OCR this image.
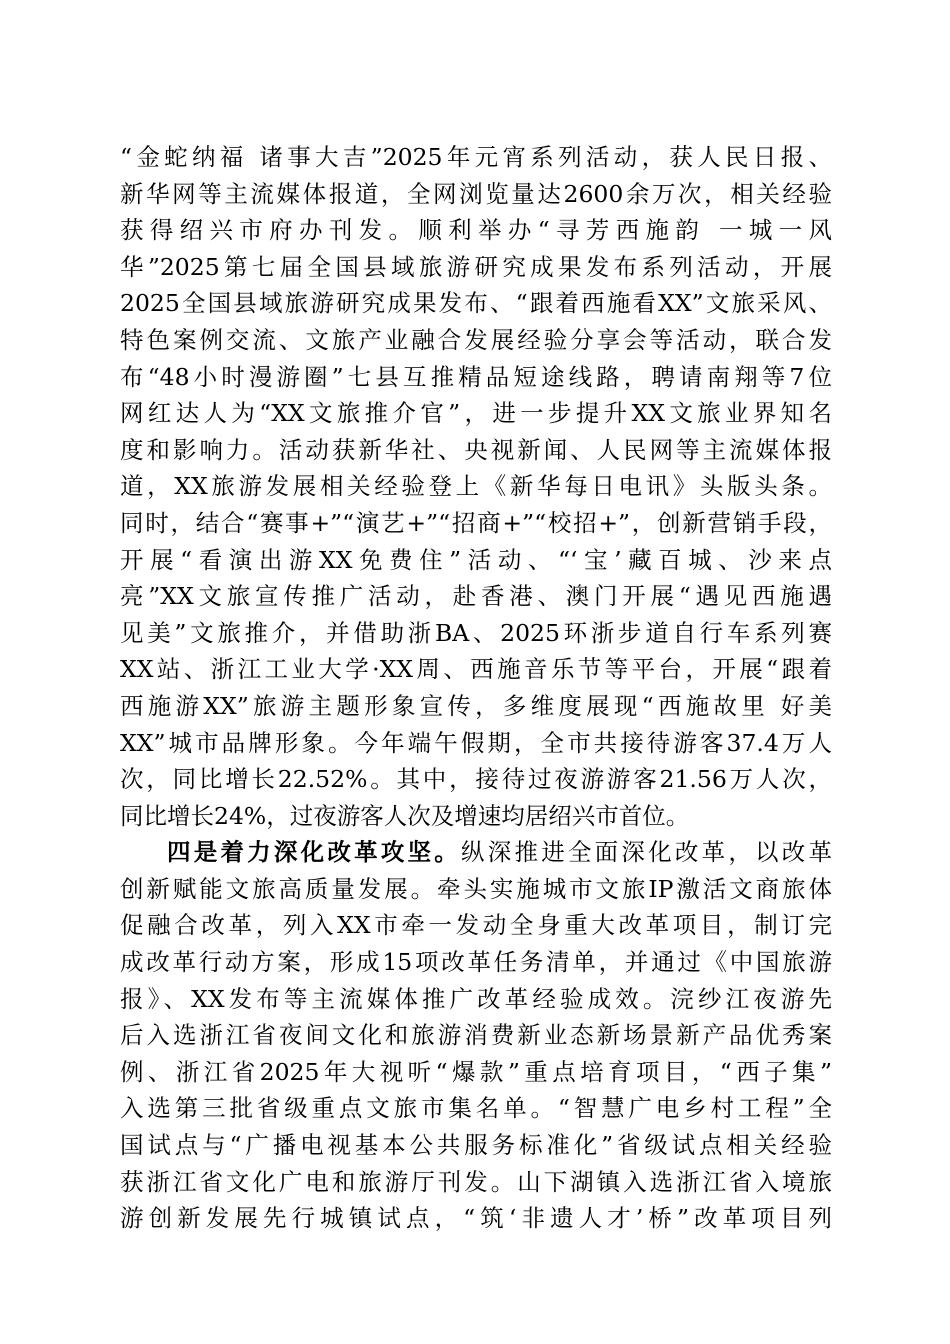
“金蛇纳福 诸事大吉”2025年元宵系列活动，获人民日报、
新华网等主流媒体报道，全网浏览量达2600余万次，相关经验
获得绍兴市府办刊发。顺利举办“寻芳西施韵 一城一风
华”2025第七届全国县域旅游研究成果发布系列活动，开展
2025全国县域旅游研究成果发布、“跟着西施看XX”文旅采风、
特色案例交流、文旅产业融合发展经验分享会等活动，联合发
布“48小时漫游圈”七县互推精品短途线路，聘请南翔等7位
网红达人为“XX文旅推介官”，进一步提升XX文旅业界知名
度和影响力。活动获新华社、央视新闻、人民网等主流媒体报
道，XX旅游发展相关经验登上《新华每日电讯》头版头条。
同时，结合“赛事+”“演艺+”“招商+”“校招+”，创新营销手段，
开展“看演出游XX免费住”活动、“‘宝’藏百城、沙来点
亮”XX文旅宣传推广活动，赴香港、澳门开展“遇见西施遇
见美”文旅推介，并借助浙BA、2025环浙步道自行车系列赛
XX站、浙江工业大学·XX周、西施音乐节等平台，开展“跟着
西施游XX”旅游主题形象宣传，多维度展现“西施故里 好美
XX”城市品牌形象。今年端午假期，全市共接待游客37.4万人
次，同比增长22.52%。其中，接待过夜游游客21.56万人次，
同比增长24%，过夜游客人次及增速均居绍兴市首位。
四是着力深化改革攻坚。纵深推进全面深化改革，以改革
创新赋能文旅高质量发展。牵头实施城市文旅IP激活文商旅体
促融合改革，列入XX市牵一发动全身重大改革项目，制订完
成改革行动方案，形成15项改革任务清单，并通过《中国旅游
报》、XX发布等主流媒体推广改革经验成效。浣纱江夜游先
后入选浙江省夜间文化和旅游消费新业态新场景新产品优秀案
例、浙江省2025年大视听“爆款”重点培育项目，“西子集”
入选第三批省级重点文旅市集名单。“智慧广电乡村工程”全
国试点与“广播电视基本公共服务标准化”省级试点相关经验
获浙江省文化广电和旅游厅刊发。山下湖镇入选浙江省入境旅
游创新发展先行城镇试点，“筑‘非遗人才’桥”改革项目列
